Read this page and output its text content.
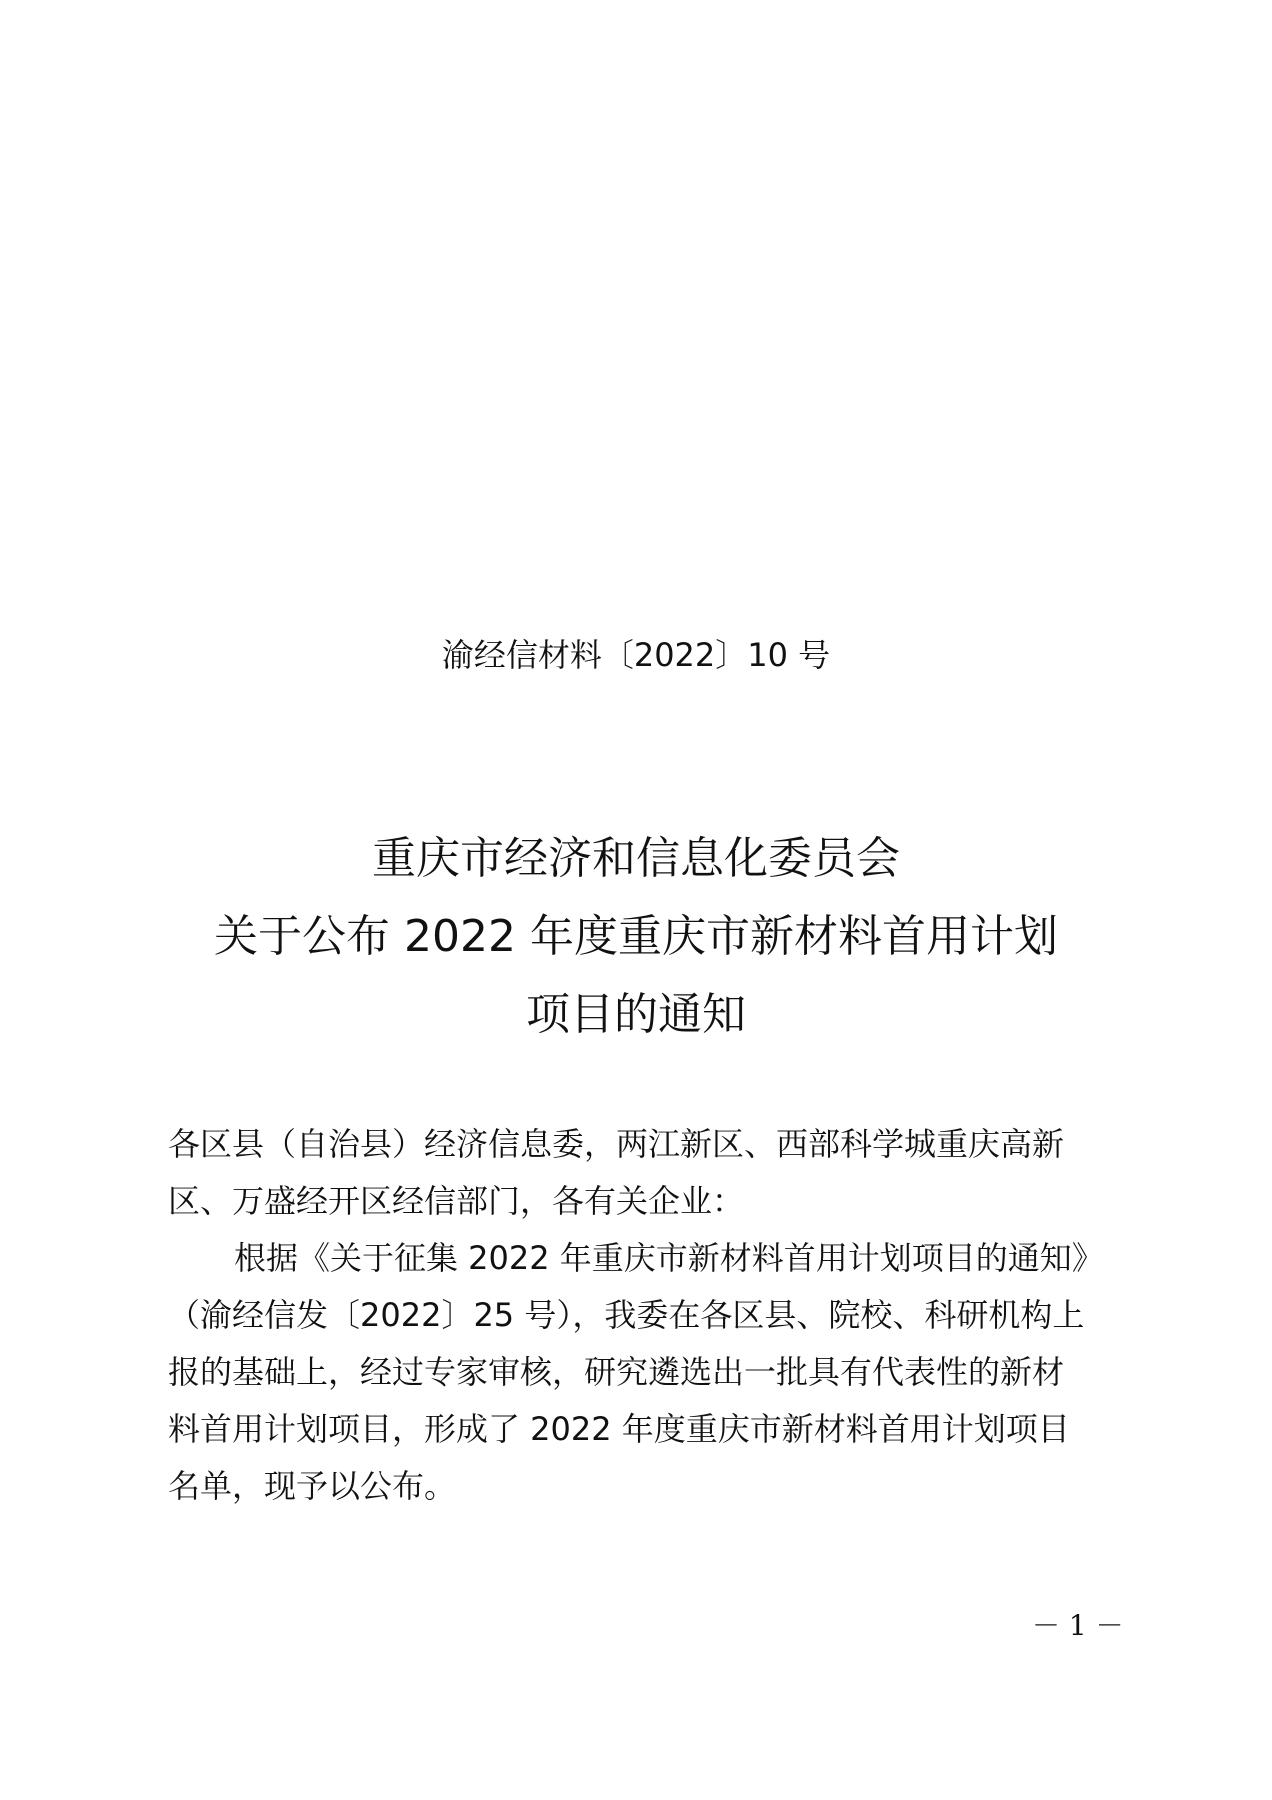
渝经信材料〔2022〕10 号
重庆市经济和信息化委员会
关于公布 2022 年度重庆市新材料首用计划
项目的通知
各区县（自治县）经济信息委，两江新区、西部科学城重庆高新
区、万盛经开区经信部门，各有关企业：
根据《关于征集 2022 年重庆市新材料首用计划项目的通知》
（渝经信发〔2022〕25 号），我委在各区县、院校、科研机构上
报的基础上，经过专家审核，研究遴选出一批具有代表性的新材
料首用计划项目，形成了 2022 年度重庆市新材料首用计划项目
名单，现予以公布。
－ 1 －
